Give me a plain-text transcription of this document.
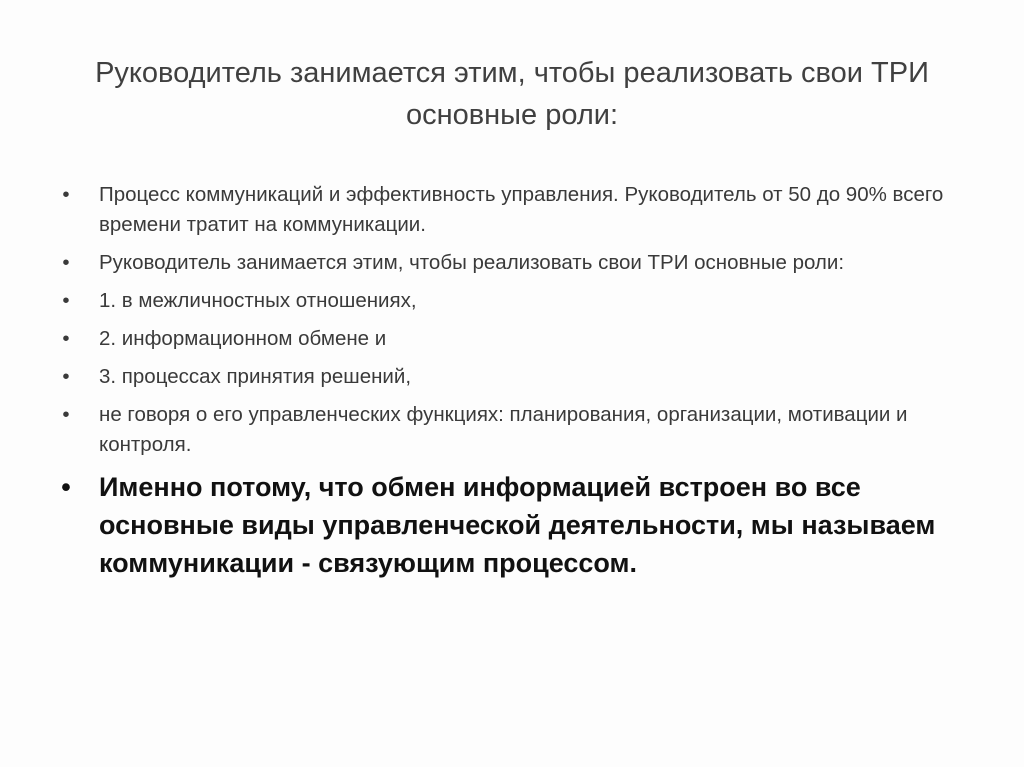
Руководитель занимается этим, чтобы реализовать свои ТРИ
основные роли:
• Процесс коммуникаций и эффективность управления. Руководитель от 50 до 90% всего времени тратит на коммуникации.
• Руководитель занимается этим, чтобы реализовать свои ТРИ основные роли:
• 1. в межличностных отношениях,
• 2. информационном обмене и
• 3. процессах принятия решений,
• не говоря о его управленческих функциях: планирования, организации, мотивации и контроля.
• Именно потому, что обмен информацией встроен во все основные виды управленческой деятельности, мы называем коммуникации - связующим процессом.
